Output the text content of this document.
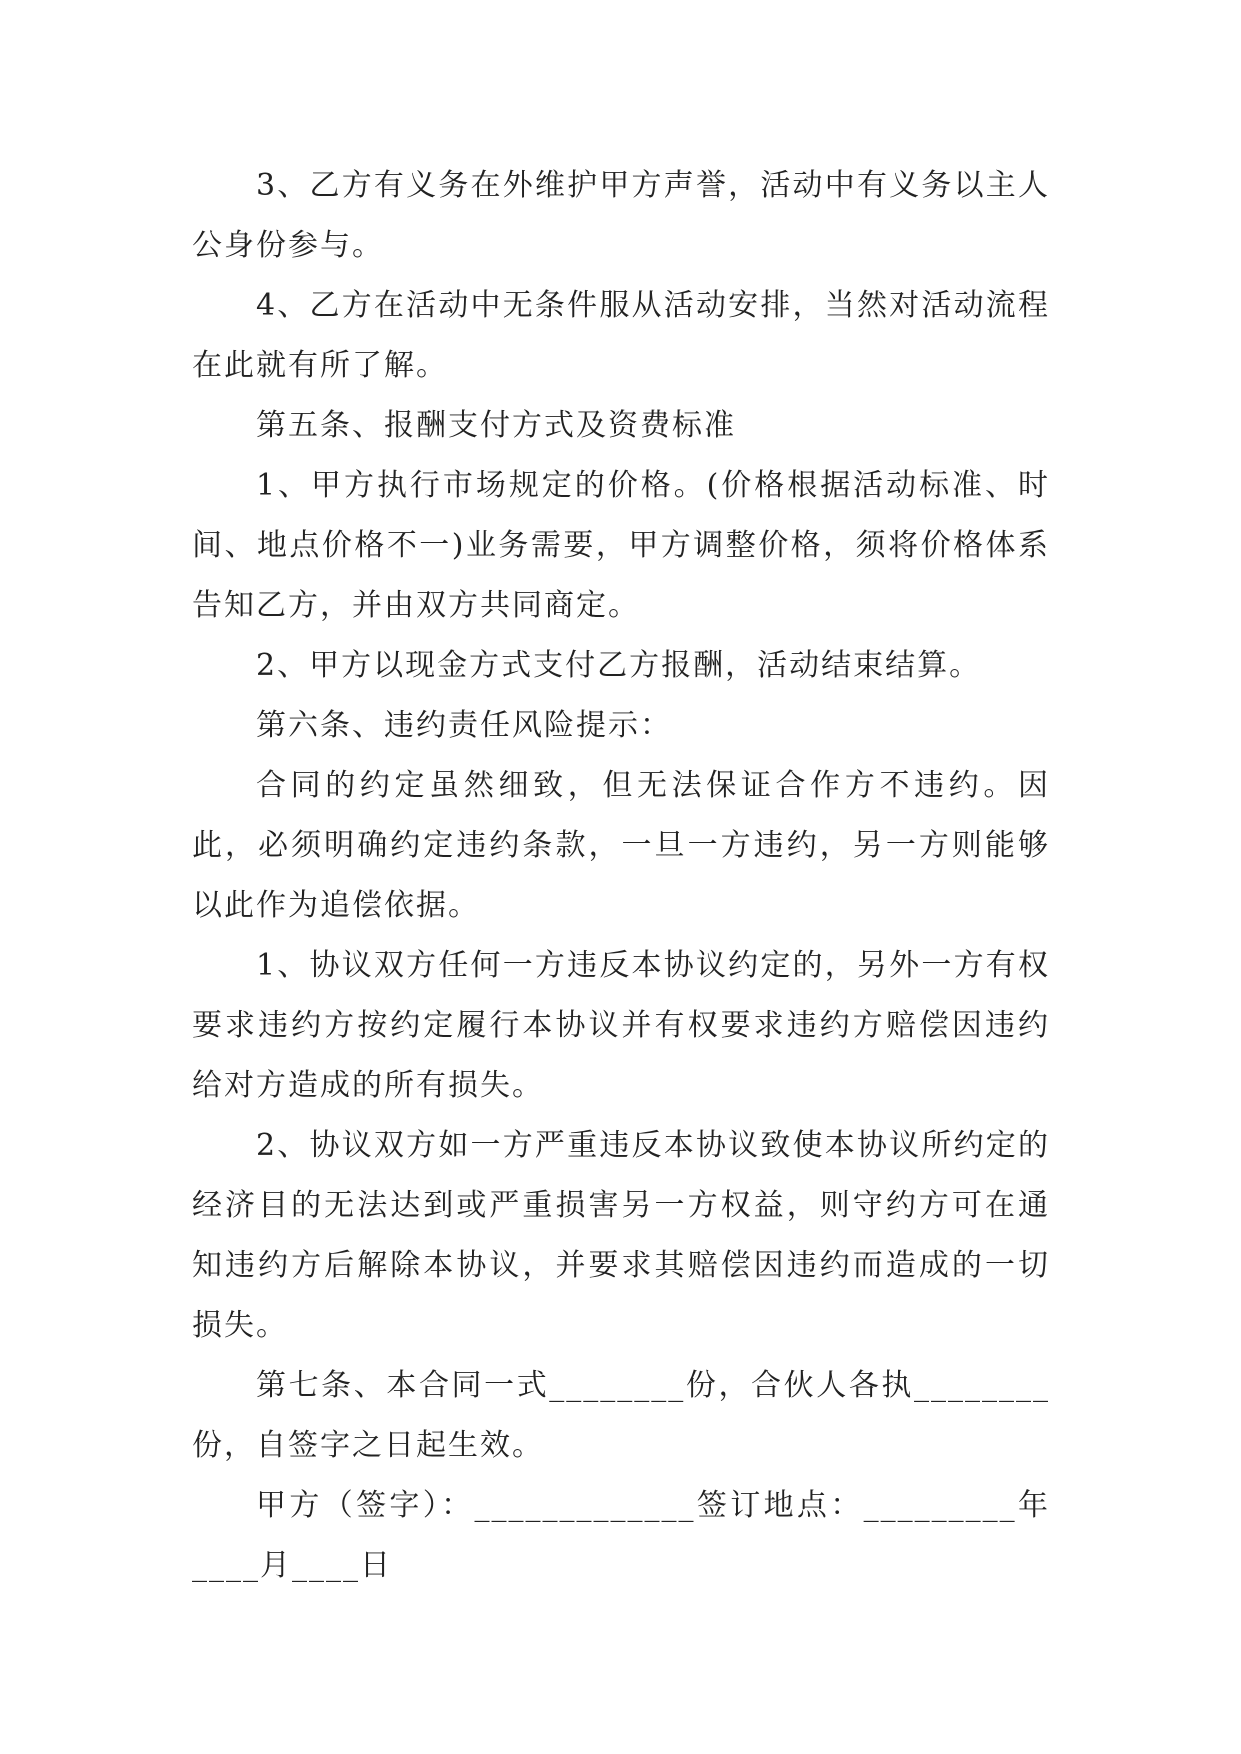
3、乙方有义务在外维护甲方声誉，活动中有义务以主人公身份参与。

4、乙方在活动中无条件服从活动安排，当然对活动流程在此就有所了解。

第五条、报酬支付方式及资费标准

1、甲方执行市场规定的价格。(价格根据活动标准、时间、地点价格不一)业务需要，甲方调整价格，须将价格体系告知乙方，并由双方共同商定。

2、甲方以现金方式支付乙方报酬，活动结束结算。

第六条、违约责任风险提示：

合同的约定虽然细致，但无法保证合作方不违约。因此，必须明确约定违约条款，一旦一方违约，另一方则能够以此作为追偿依据。

1、协议双方任何一方违反本协议约定的，另外一方有权要求违约方按约定履行本协议并有权要求违约方赔偿因违约给对方造成的所有损失。

2、协议双方如一方严重违反本协议致使本协议所约定的经济目的无法达到或严重损害另一方权益，则守约方可在通知违约方后解除本协议，并要求其赔偿因违约而造成的一切损失。

第七条、本合同一式________份，合伙人各执________份，自签字之日起生效。

甲方（签字）：_____________签订地点：_________年____月____日
